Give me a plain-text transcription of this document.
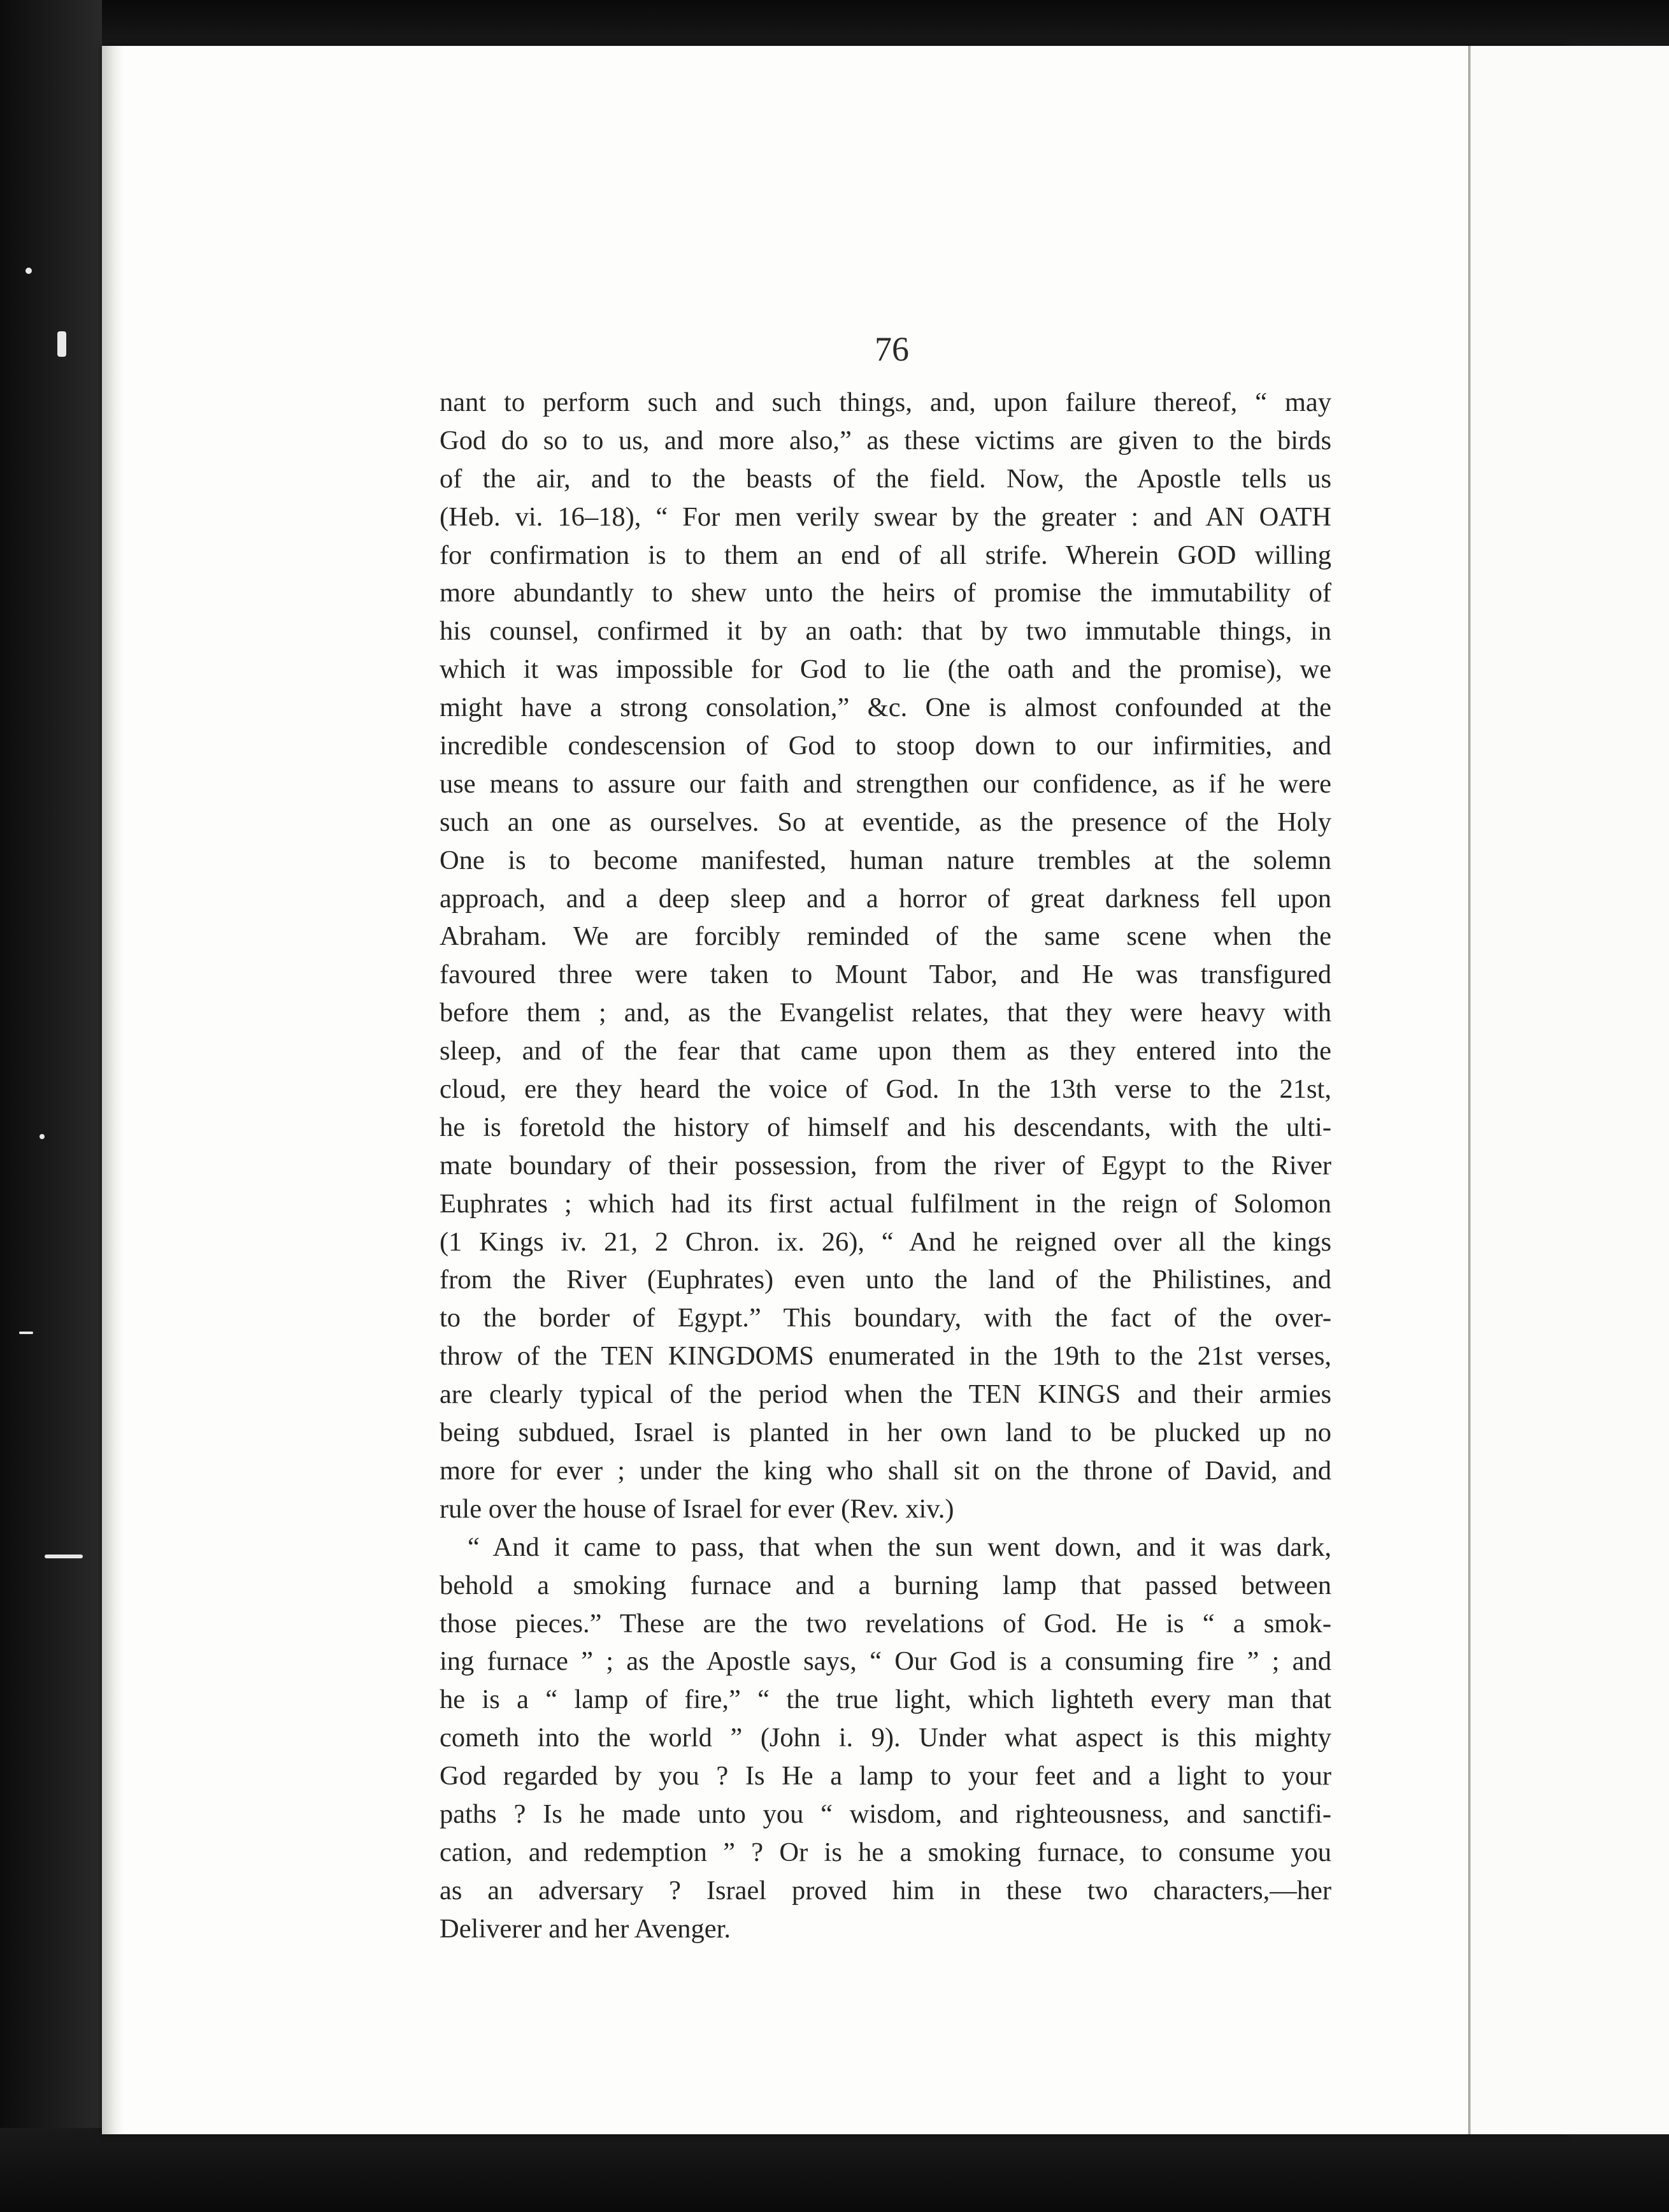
76
nant to perform such and such things, and, upon failure thereof, “ may
God do so to us, and more also,” as these victims are given to the birds
of the air, and to the beasts of the field. Now, the Apostle tells us
(Heb. vi. 16–18), “ For men verily swear by the greater : and AN OATH
for confirmation is to them an end of all strife. Wherein GOD willing
more abundantly to shew unto the heirs of promise the immutability of
his counsel, confirmed it by an oath: that by two immutable things, in
which it was impossible for God to lie (the oath and the promise), we
might have a strong consolation,” &c. One is almost confounded at the
incredible condescension of God to stoop down to our infirmities, and
use means to assure our faith and strengthen our confidence, as if he were
such an one as ourselves. So at eventide, as the presence of the Holy
One is to become manifested, human nature trembles at the solemn
approach, and a deep sleep and a horror of great darkness fell upon
Abraham. We are forcibly reminded of the same scene when the
favoured three were taken to Mount Tabor, and He was transfigured
before them ; and, as the Evangelist relates, that they were heavy with
sleep, and of the fear that came upon them as they entered into the
cloud, ere they heard the voice of God. In the 13th verse to the 21st,
he is foretold the history of himself and his descendants, with the ulti-
mate boundary of their possession, from the river of Egypt to the River
Euphrates ; which had its first actual fulfilment in the reign of Solomon
(1 Kings iv. 21, 2 Chron. ix. 26), “ And he reigned over all the kings
from the River (Euphrates) even unto the land of the Philistines, and
to the border of Egypt.” This boundary, with the fact of the over-
throw of the TEN KINGDOMS enumerated in the 19th to the 21st verses,
are clearly typical of the period when the TEN KINGS and their armies
being subdued, Israel is planted in her own land to be plucked up no
more for ever ; under the king who shall sit on the throne of David, and
rule over the house of Israel for ever (Rev. xiv.)
“ And it came to pass, that when the sun went down, and it was dark,
behold a smoking furnace and a burning lamp that passed between
those pieces.” These are the two revelations of God. He is “ a smok-
ing furnace ” ; as the Apostle says, “ Our God is a consuming fire ” ; and
he is a “ lamp of fire,” “ the true light, which lighteth every man that
cometh into the world ” (John i. 9). Under what aspect is this mighty
God regarded by you ? Is He a lamp to your feet and a light to your
paths ? Is he made unto you “ wisdom, and righteousness, and sanctifi-
cation, and redemption ” ? Or is he a smoking furnace, to consume you
as an adversary ? Israel proved him in these two characters,—her
Deliverer and her Avenger.
